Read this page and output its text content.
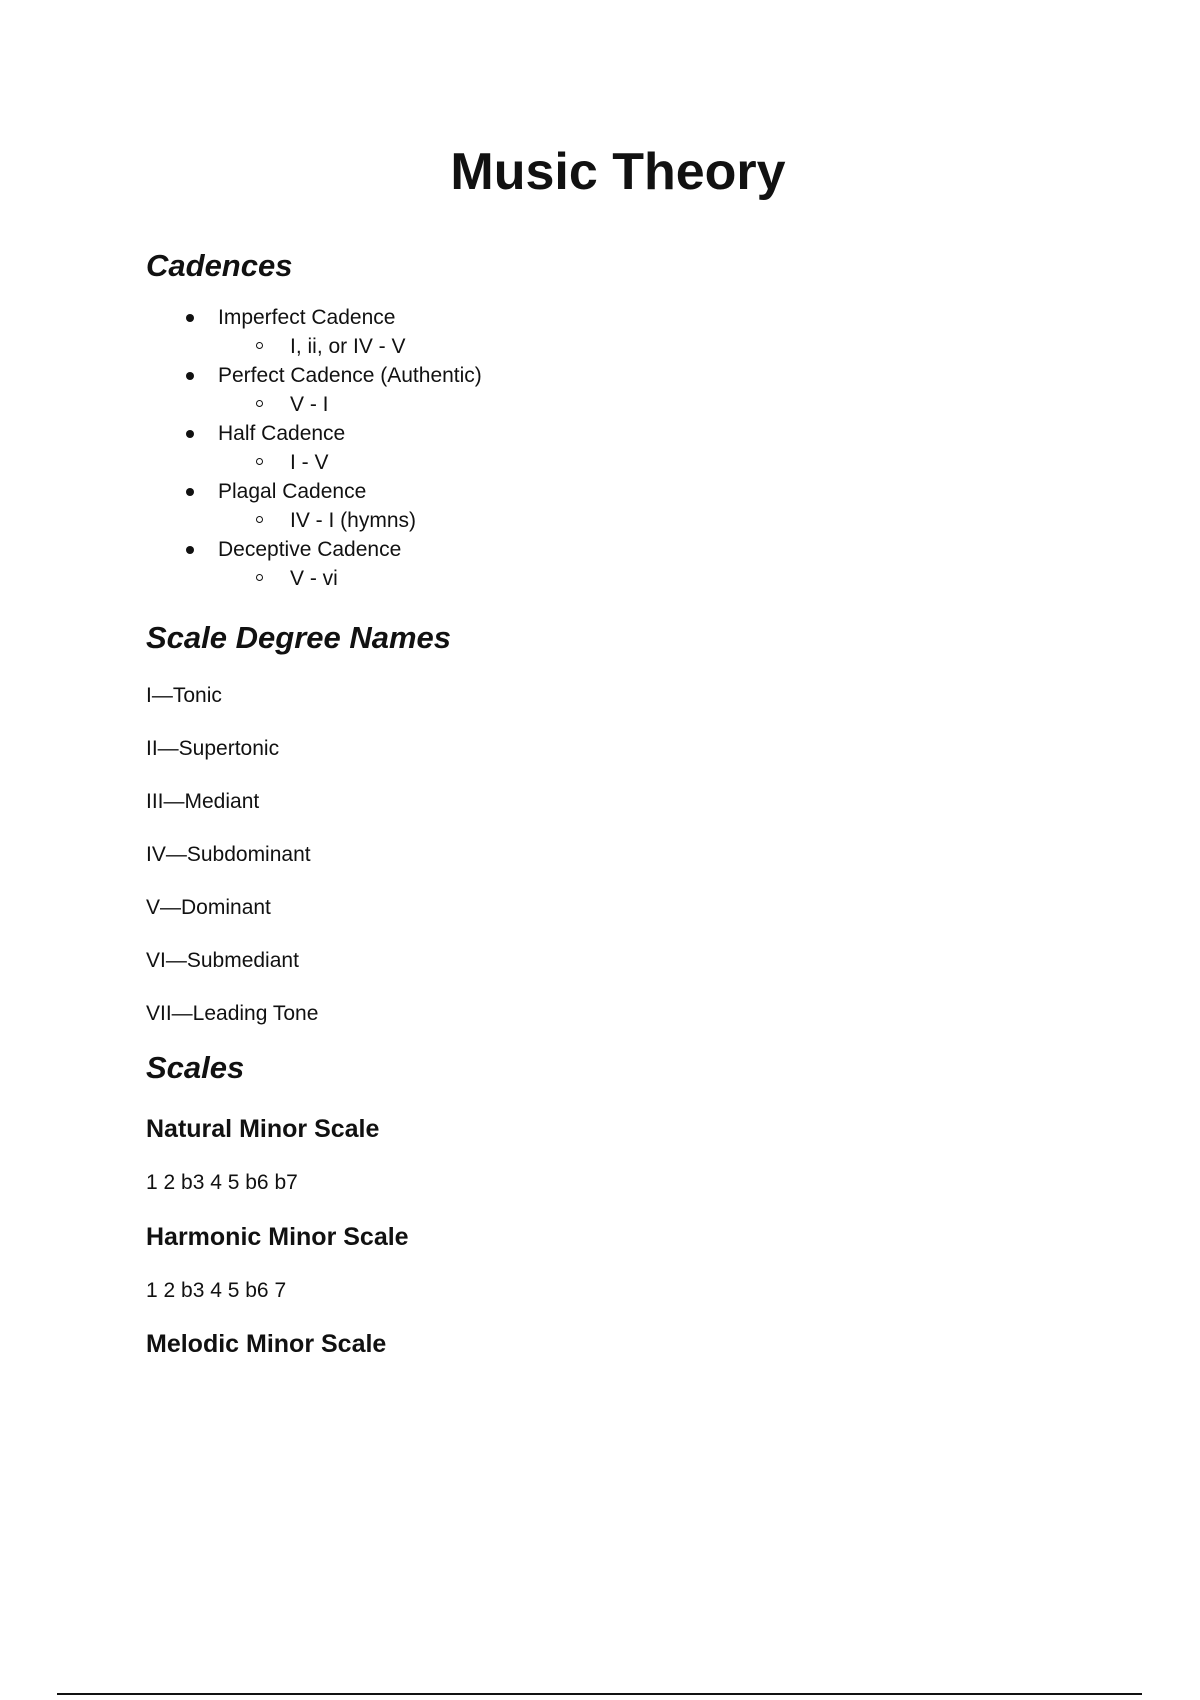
Music Theory
Cadences
Imperfect Cadence
I, ii, or IV - V
Perfect Cadence (Authentic)
V - I
Half Cadence
I - V
Plagal Cadence
IV - I (hymns)
Deceptive Cadence
V - vi
Scale Degree Names

I—Tonic

II—Supertonic

III—Mediant

IV—Subdominant

V—Dominant

VI—Submediant

VII—Leading Tone

Scales
Natural Minor Scale

1 2 b3 4 5 b6 b7

Harmonic Minor Scale

1 2 b3 4 5 b6 7

Melodic Minor Scale
